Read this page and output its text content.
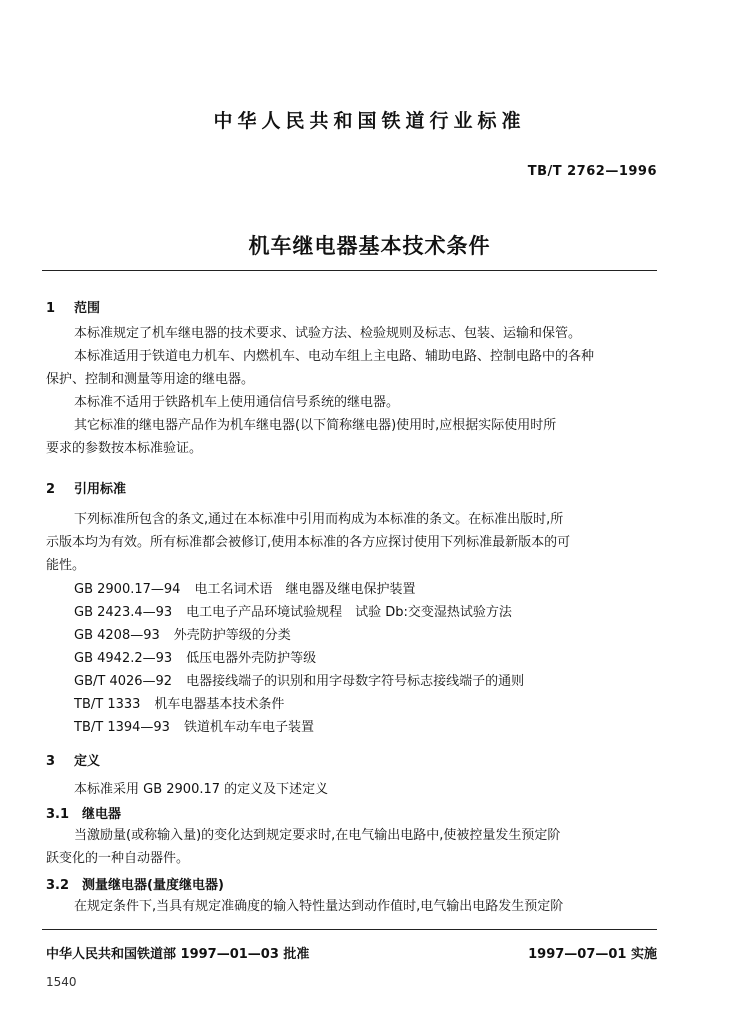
中华人民共和国铁道行业标准
TB/T 2762—1996
机车继电器基本技术条件
1 范围
本标准规定了机车继电器的技术要求、试验方法、检验规则及标志、包装、运输和保管。
本标准适用于铁道电力机车、内燃机车、电动车组上主电路、辅助电路、控制电路中的各种
保护、控制和测量等用途的继电器。
本标准不适用于铁路机车上使用通信信号系统的继电器。
其它标准的继电器产品作为机车继电器(以下简称继电器)使用时,应根据实际使用时所
要求的参数按本标准验证。
2 引用标准
下列标准所包含的条文,通过在本标准中引用而构成为本标准的条文。在标准出版时,所
示版本均为有效。所有标准都会被修订,使用本标准的各方应探讨使用下列标准最新版本的可
能性。
GB 2900.17—94 电工名词术语　继电器及继电保护装置
GB 2423.4—93 电工电子产品环境试验规程　试验 Db:交变湿热试验方法
GB 4208—93 外壳防护等级的分类
GB 4942.2—93 低压电器外壳防护等级
GB/T 4026—92 电器接线端子的识别和用字母数字符号标志接线端子的通则
TB/T 1333 机车电器基本技术条件
TB/T 1394—93 铁道机车动车电子装置
3 定义
本标准采用 GB 2900.17 的定义及下述定义
3.1 继电器
当激励量(或称输入量)的变化达到规定要求时,在电气输出电路中,使被控量发生预定阶
跃变化的一种自动器件。
3.2 测量继电器(量度继电器)
在规定条件下,当具有规定准确度的输入特性量达到动作值时,电气输出电路发生预定阶
中华人民共和国铁道部 1997—01—03 批准	1997—07—01 实施
1540
